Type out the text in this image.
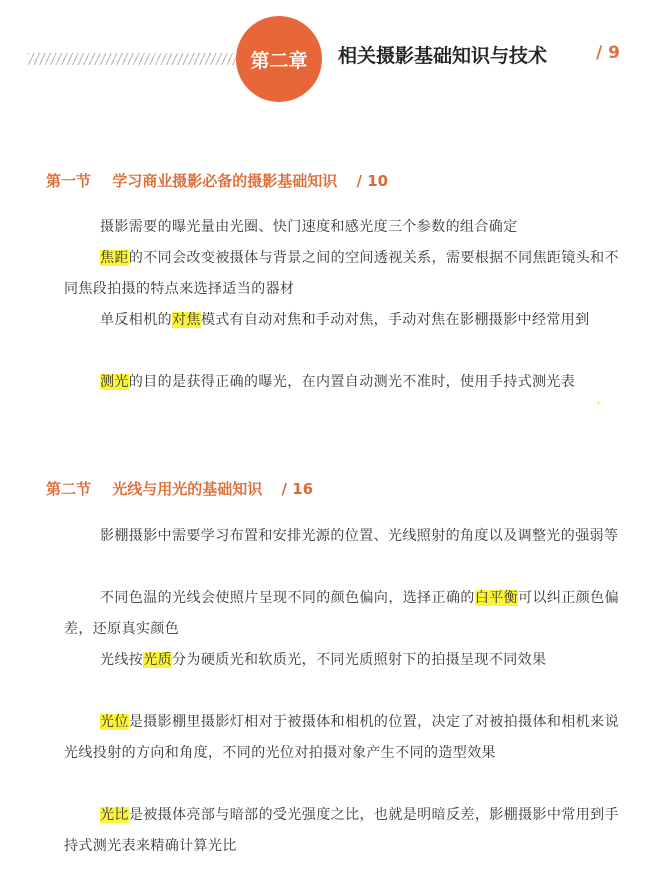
第二章 相关摄影基础知识与技术	/ 9
第一节 学习商业摄影必备的摄影基础知识 / 10
摄影需要的曝光量由光圈、快门速度和感光度三个参数的组合确定
焦距的不同会改变被摄体与背景之间的空间透视关系，需要根据不同焦距镜头和不同焦段拍摄的特点来选择适当的器材
单反相机的对焦模式有自动对焦和手动对焦，手动对焦在影棚摄影中经常用到
测光的目的是获得正确的曝光，在内置自动测光不准时，使用手持式测光表
ʻ
第二节 光线与用光的基础知识 / 16
影棚摄影中需要学习布置和安排光源的位置、光线照射的角度以及调整光的强弱等
不同色温的光线会使照片呈现不同的颜色偏向，选择正确的白平衡可以纠正颜色偏差，还原真实颜色
光线按光质分为硬质光和软质光，不同光质照射下的拍摄呈现不同效果
光位是摄影棚里摄影灯相对于被摄体和相机的位置，决定了对被拍摄体和相机来说光线投射的方向和角度，不同的光位对拍摄对象产生不同的造型效果
光比是被摄体亮部与暗部的受光强度之比，也就是明暗反差，影棚摄影中常用到手持式测光表来精确计算光比
